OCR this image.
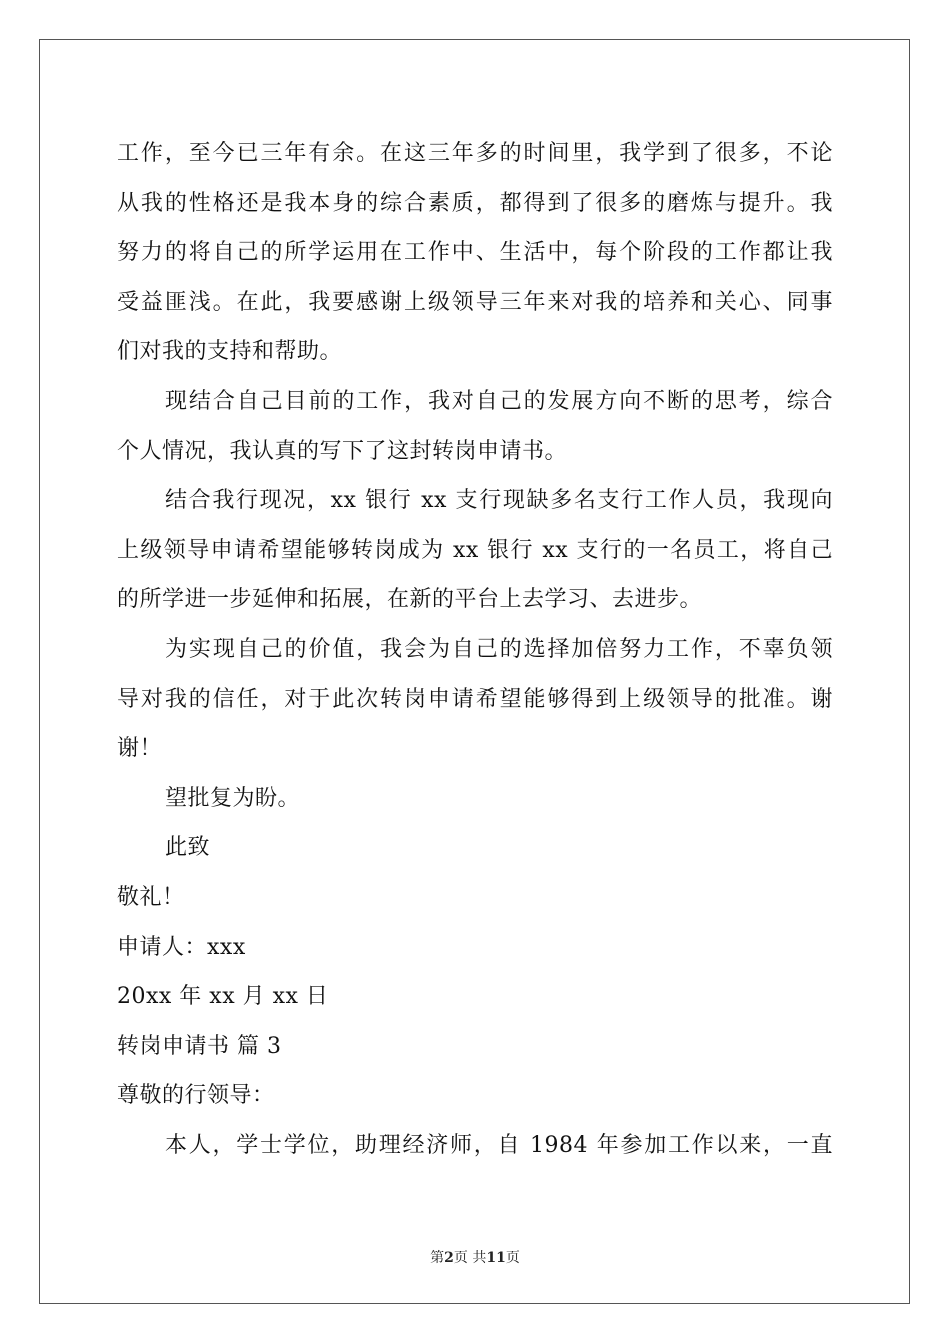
工作，至今已三年有余。在这三年多的时间里，我学到了很多，不论
从我的性格还是我本身的综合素质，都得到了很多的磨炼与提升。我
努力的将自己的所学运用在工作中、生活中，每个阶段的工作都让我
受益匪浅。在此，我要感谢上级领导三年来对我的培养和关心、同事
们对我的支持和帮助。
现结合自己目前的工作，我对自己的发展方向不断的思考，综合
个人情况，我认真的写下了这封转岗申请书。
结合我行现况，xx 银行 xx 支行现缺多名支行工作人员，我现向
上级领导申请希望能够转岗成为 xx 银行 xx 支行的一名员工，将自己
的所学进一步延伸和拓展，在新的平台上去学习、去进步。
为实现自己的价值，我会为自己的选择加倍努力工作，不辜负领
导对我的信任，对于此次转岗申请希望能够得到上级领导的批准。谢
谢！
望批复为盼。
此致
敬礼！
申请人：xxx
20xx 年 xx 月 xx 日
转岗申请书 篇 3
尊敬的行领导：
本人，学士学位，助理经济师，自 1984 年参加工作以来，一直
第2页 共11页
